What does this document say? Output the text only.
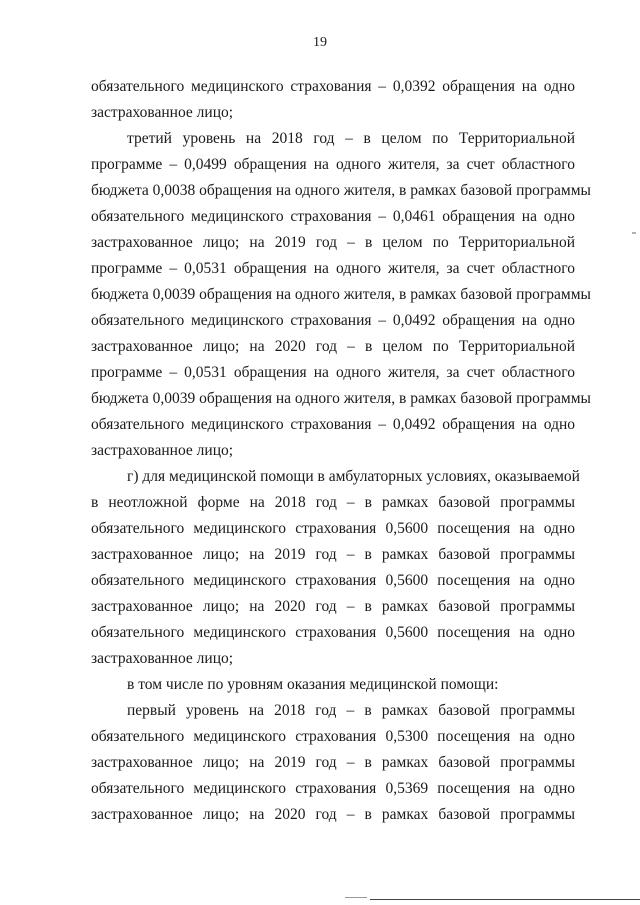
19
обязательного медицинского страхования – 0,0392 обращения на одно
застрахованное лицо;
третий уровень на 2018 год – в целом по Территориальной
программе – 0,0499 обращения на одного жителя, за счет областного
бюджета 0,0038 обращения на одного жителя, в рамках базовой программы
обязательного медицинского страхования – 0,0461 обращения на одно
застрахованное лицо; на 2019 год – в целом по Территориальной
программе – 0,0531 обращения на одного жителя, за счет областного
бюджета 0,0039 обращения на одного жителя, в рамках базовой программы
обязательного медицинского страхования – 0,0492 обращения на одно
застрахованное лицо; на 2020 год – в целом по Территориальной
программе – 0,0531 обращения на одного жителя, за счет областного
бюджета 0,0039 обращения на одного жителя, в рамках базовой программы
обязательного медицинского страхования – 0,0492 обращения на одно
застрахованное лицо;
г) для медицинской помощи в амбулаторных условиях, оказываемой
в неотложной форме на 2018 год – в рамках базовой программы
обязательного медицинского страхования 0,5600 посещения на одно
застрахованное лицо; на 2019 год – в рамках базовой программы
обязательного медицинского страхования 0,5600 посещения на одно
застрахованное лицо; на 2020 год – в рамках базовой программы
обязательного медицинского страхования 0,5600 посещения на одно
застрахованное лицо;
в том числе по уровням оказания медицинской помощи:
первый уровень на 2018 год – в рамках базовой программы
обязательного медицинского страхования 0,5300 посещения на одно
застрахованное лицо; на 2019 год – в рамках базовой программы
обязательного медицинского страхования 0,5369 посещения на одно
застрахованное лицо; на 2020 год – в рамках базовой программы
